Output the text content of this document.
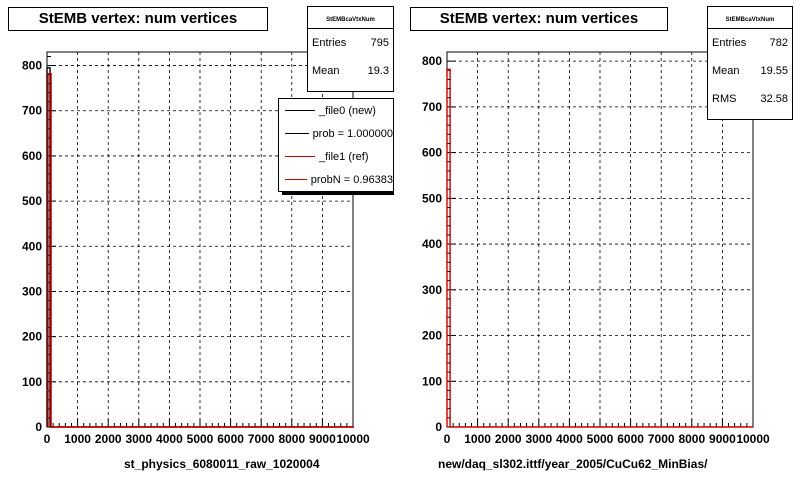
0 1000 2000 3000 4000 5000 6000 7000 8000 9000 10000
0
100
200
300
400
500
600
700
800
StEMB vertex: num vertices	StEMBcaVtxNum
Entries 795
Mean	19.3
_file0 (new)
prob = 1.000000
_file1 (ref)
probN = 0.96383
st_physics_6080011_raw_1020004
0 1000 2000 3000 4000 5000 6000 7000 8000 9000 10000
0
100
200
300
400
500
600
700
800
StEMB vertex: num vertices	StEMBcaVtxNum
Entries 782
Mean 19.55
RMS 32.58
new/daq_sl302.ittf/year_2005/CuCu62_MinBias/
